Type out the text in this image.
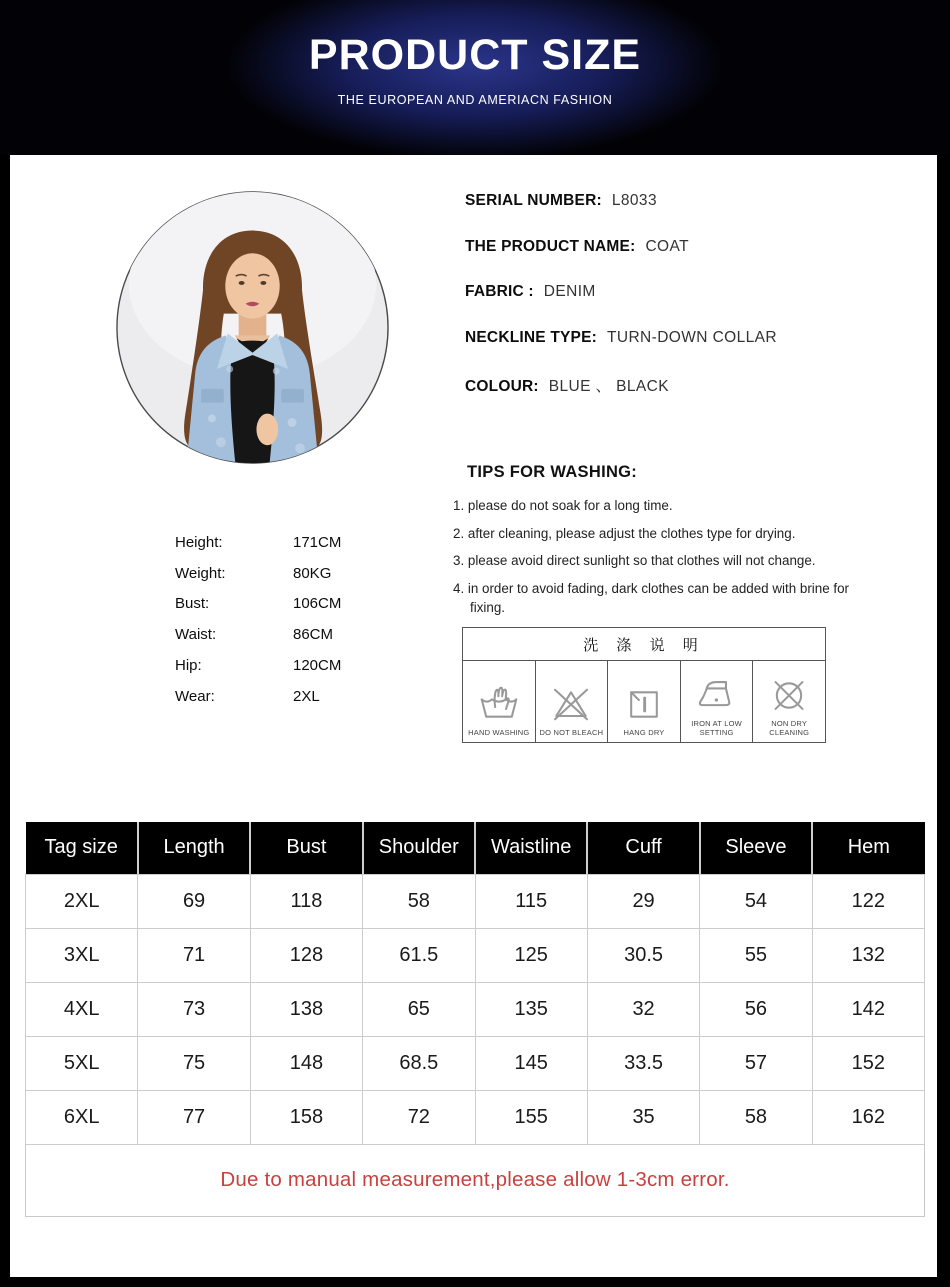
PRODUCT SIZE
THE EUROPEAN AND AMERIACN FASHION
SERIAL NUMBER: L8033
THE PRODUCT NAME: COAT
FABRIC : DENIM
NECKLINE TYPE: TURN-DOWN COLLAR
COLOUR: BLUE 、 BLACK
TIPS FOR WASHING:
1. please do not soak for a long time.
2. after cleaning, please adjust the clothes type for drying.
3. please avoid direct sunlight so that clothes will not change.
4. in order to avoid fading, dark clothes can be added with brine for fixing.
洗 涤 说 明

HAND WASHING	DO NOT BLEACH	HANG DRY

IRON AT LOW SETTING

NON DRY CLEANING
Height:	171CM
Weight:	80KG
Bust:	106CM
Waist:	86CM
Hip:	120CM
Wear:	2XL
Tag size	Length	Bust	Shoulder	Waistline	Cuff	Sleeve	Hem
2XL	69	118	58	115	29	54	122
3XL	71	128	61.5	125	30.5	55	132
4XL	73	138	65	135	32	56	142
5XL	75	148	68.5	145	33.5	57	152
6XL	77	158	72	155	35	58	162
Due to manual measurement,please allow 1-3cm error.
